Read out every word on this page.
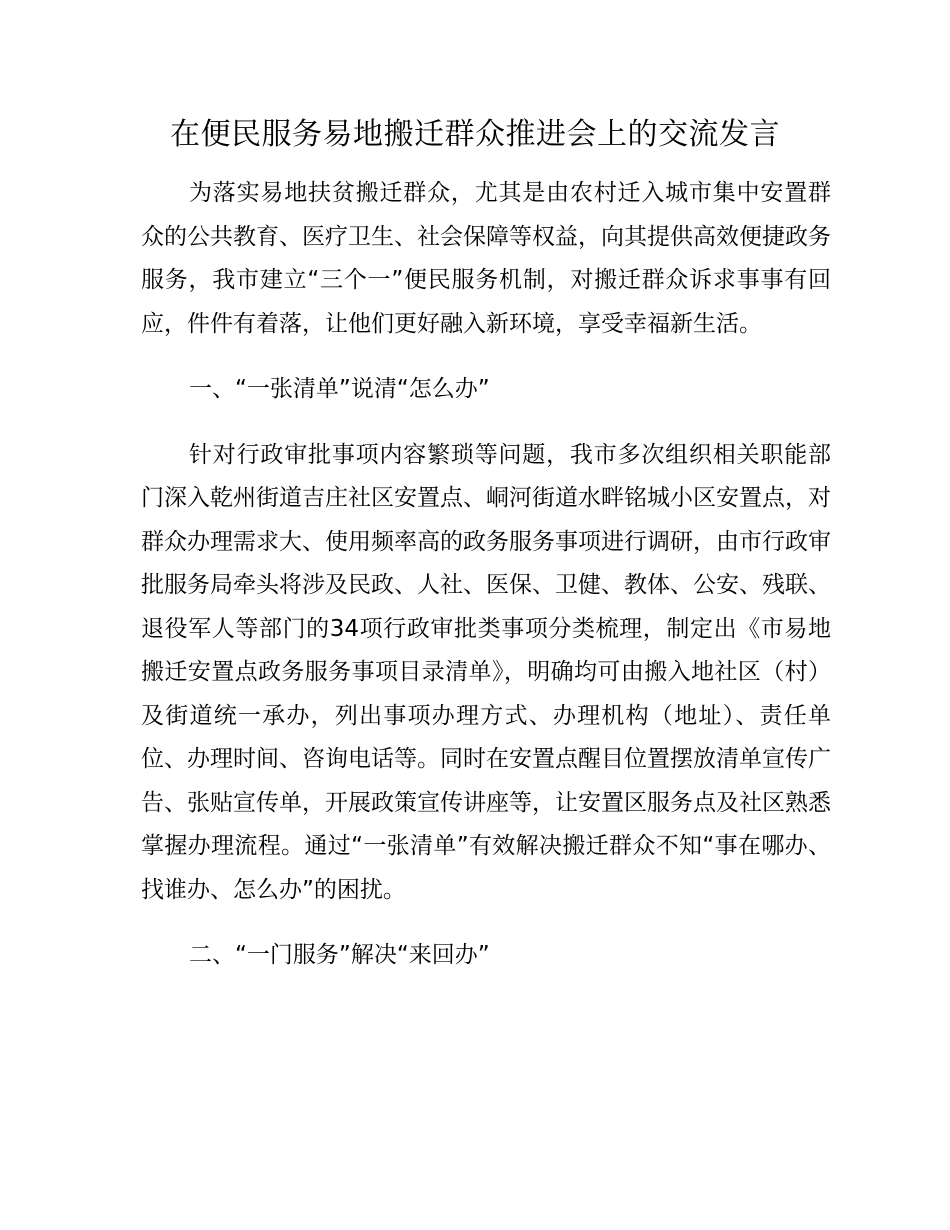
在便民服务易地搬迁群众推进会上的交流发言

为落实易地扶贫搬迁群众，尤其是由农村迁入城市集中安置群众的公共教育、医疗卫生、社会保障等权益，向其提供高效便捷政务服务，我市建立“三个一”便民服务机制，对搬迁群众诉求事事有回应，件件有着落，让他们更好融入新环境，享受幸福新生活。

一、“一张清单”说清“怎么办”

针对行政审批事项内容繁琐等问题，我市多次组织相关职能部门深入乾州街道吉庄社区安置点、峒河街道水畔铭城小区安置点，对群众办理需求大、使用频率高的政务服务事项进行调研，由市行政审批服务局牵头将涉及民政、人社、医保、卫健、教体、公安、残联、退役军人等部门的34项行政审批类事项分类梳理，制定出《市易地搬迁安置点政务服务事项目录清单》，明确均可由搬入地社区（村）及街道统一承办，列出事项办理方式、办理机构（地址）、责任单位、办理时间、咨询电话等。同时在安置点醒目位置摆放清单宣传广告、张贴宣传单，开展政策宣传讲座等，让安置区服务点及社区熟悉掌握办理流程。通过“一张清单”有效解决搬迁群众不知“事在哪办、找谁办、怎么办”的困扰。

二、“一门服务”解决“来回办”
